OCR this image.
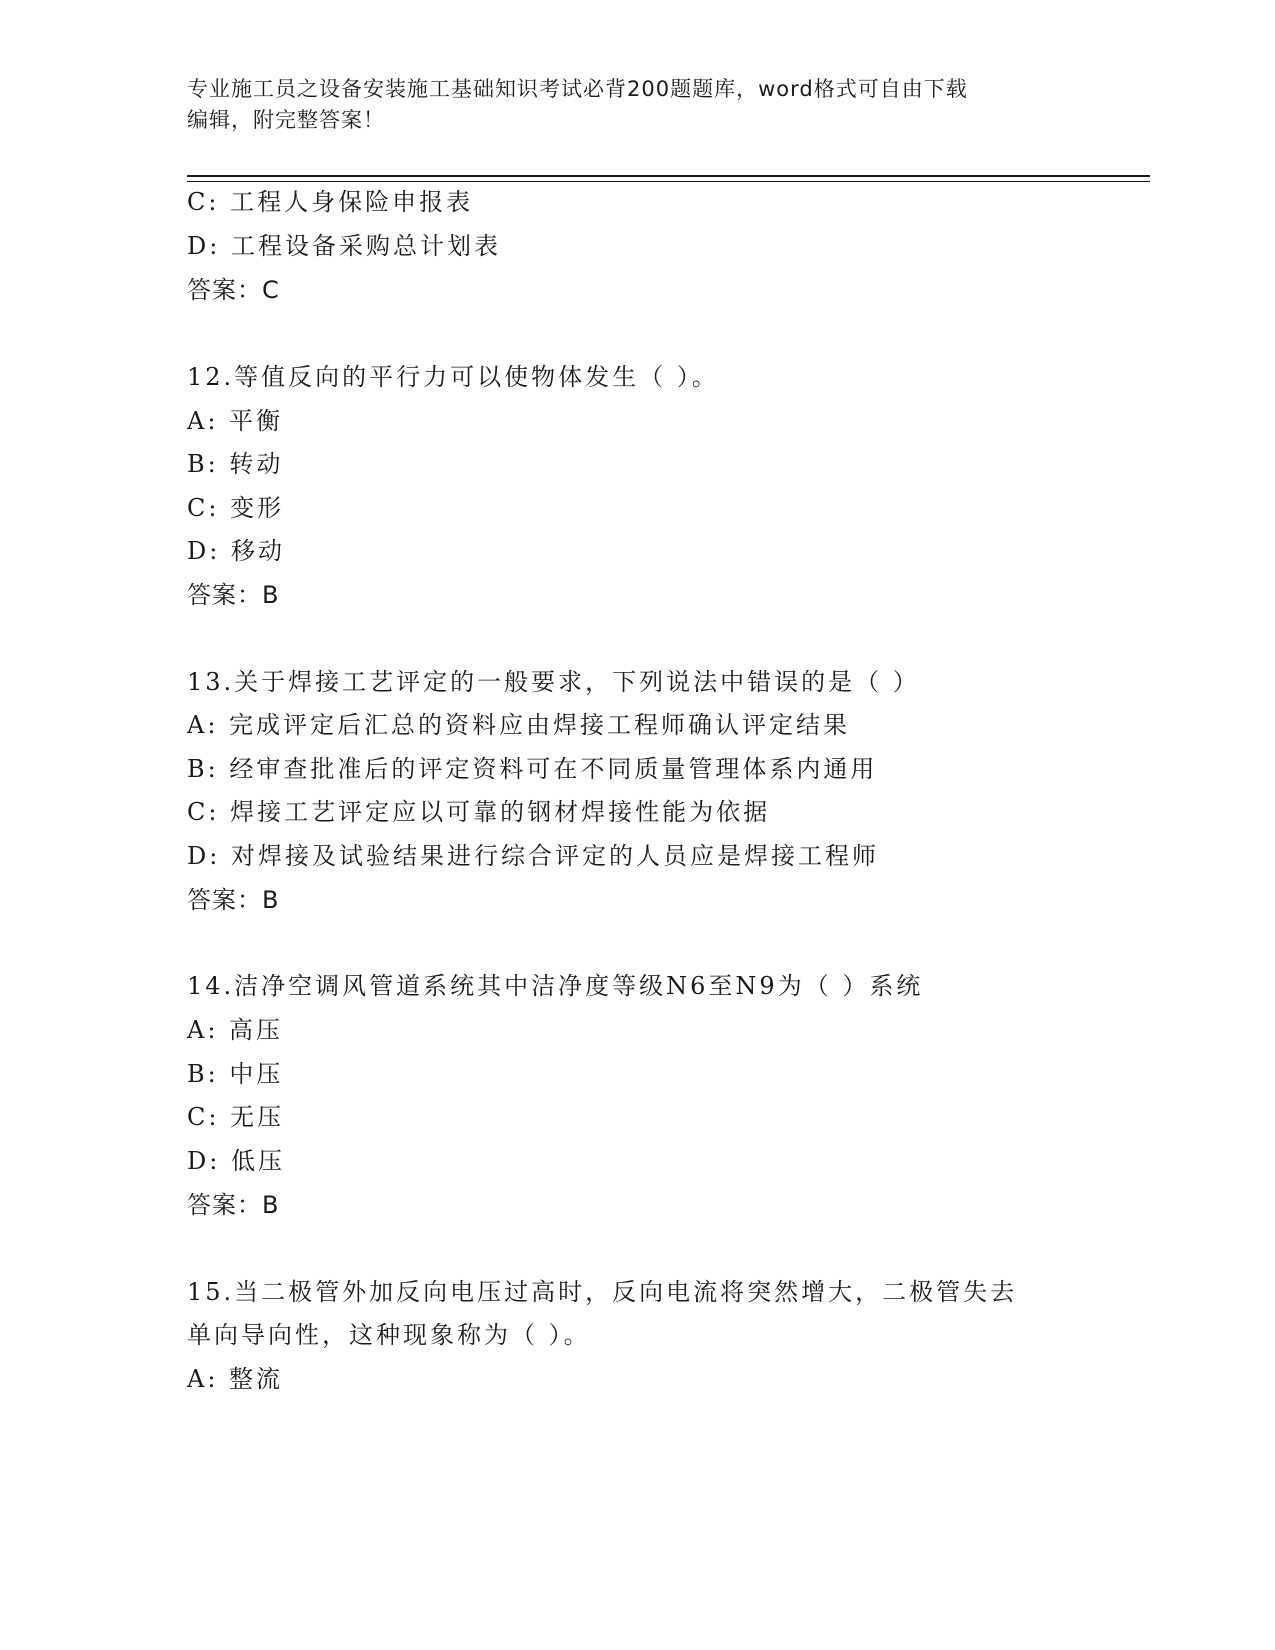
专业施工员之设备安装施工基础知识考试必背200题题库，word格式可自由下载
编辑，附完整答案！
C: 工程人身保险申报表
D: 工程设备采购总计划表
答案：C
12.等值反向的平行力可以使物体发生（ ）。
A: 平衡
B: 转动
C: 变形
D: 移动
答案：B
13.关于焊接工艺评定的一般要求，下列说法中错误的是（ ）
A: 完成评定后汇总的资料应由焊接工程师确认评定结果
B: 经审查批准后的评定资料可在不同质量管理体系内通用
C: 焊接工艺评定应以可靠的钢材焊接性能为依据
D: 对焊接及试验结果进行综合评定的人员应是焊接工程师
答案：B
14.洁净空调风管道系统其中洁净度等级N6至N9为（ ）系统
A: 高压
B: 中压
C: 无压
D: 低压
答案：B
15.当二极管外加反向电压过高时，反向电流将突然增大，二极管失去
单向导向性，这种现象称为（ ）。
A: 整流
